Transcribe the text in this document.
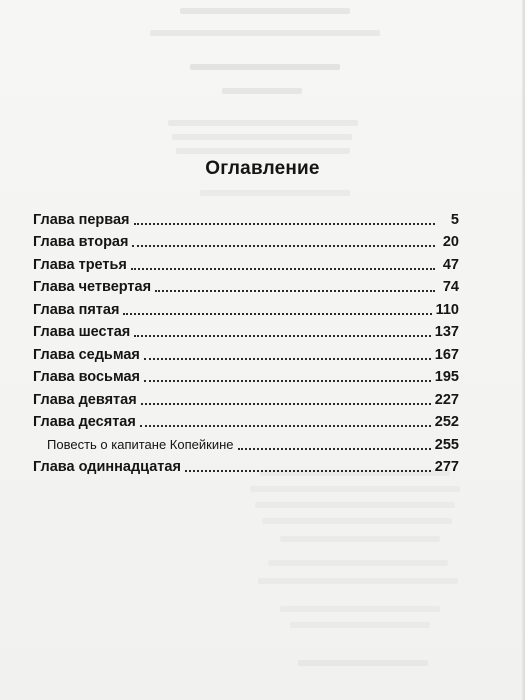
Оглавление
Глава первая	5
Глава вторая	20
Глава третья	47
Глава четвертая	74
Глава пятая	110
Глава шестая	137
Глава седьмая	167
Глава восьмая	195
Глава девятая	227
Глава десятая	252
Повесть о капитане Копейкине	255
Глава одиннадцатая	277
